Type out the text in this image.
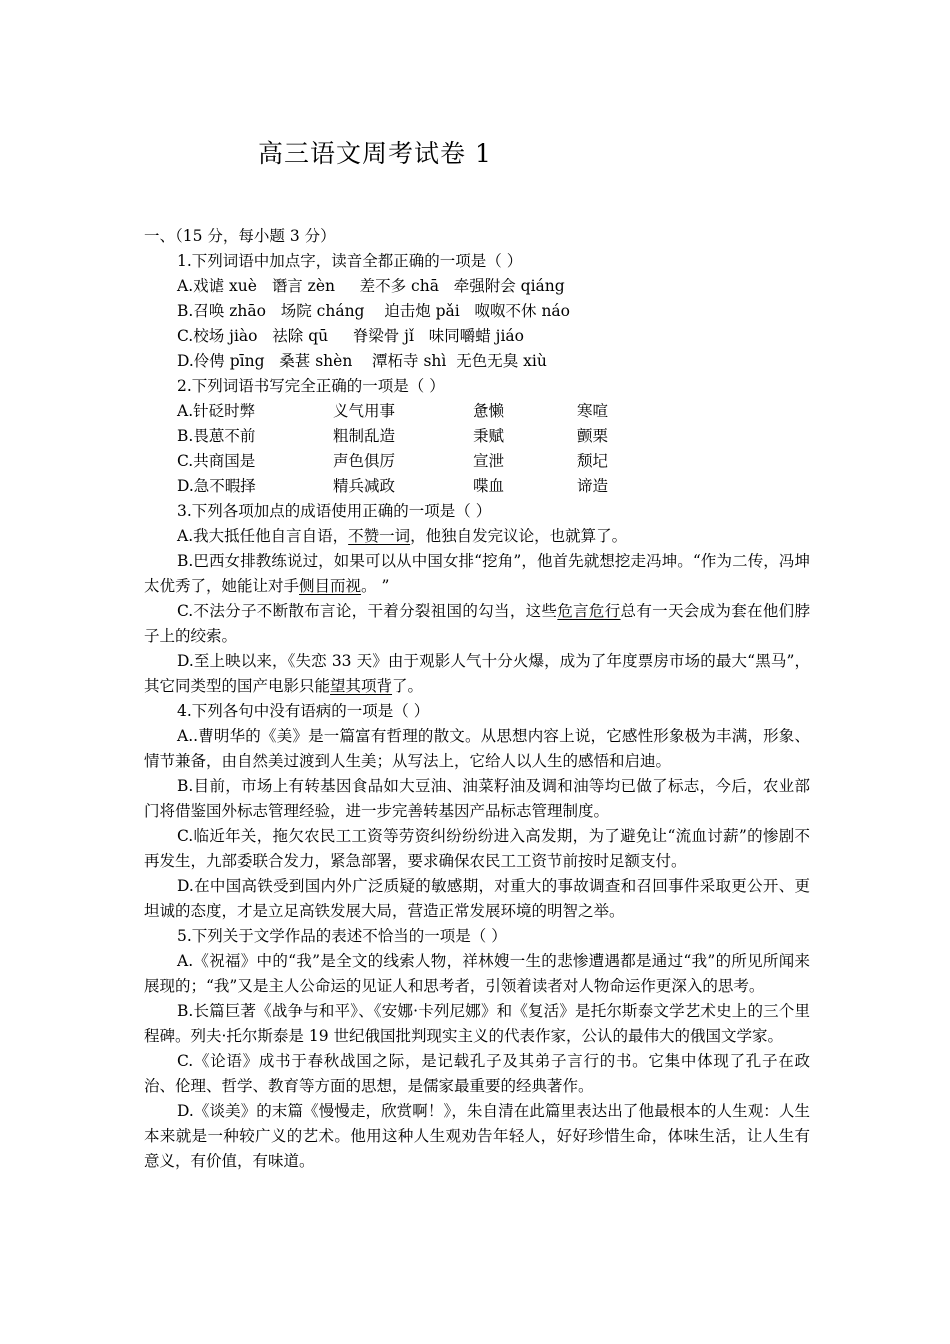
高三语文周考试卷 1
一、（15 分，每小题 3 分）
1.下列词语中加点字，读音全都正确的一项是（ ）
A.戏谑 xuè   谮言 zèn     差不多 chā   牵强附会 qiáng
B.召唤 zhāo   场院 cháng    迫击炮 pǎi   呶呶不休 náo
C.校场 jiào   祛除 qū     脊梁骨 jǐ   味同嚼蜡 jiáo
D.伶俜 pīng   桑葚 shèn    潭柘寺 shì  无色无臭 xiù
2.下列词语书写完全正确的一项是（ ）
A.针砭时弊	义气用事	惫懒	寒喧
B.畏葸不前	粗制乱造	秉赋	颤栗
C.共商国是	声色俱厉	宣泄	颓圮
D.急不暇择	精兵减政	喋血	谛造
3.下列各项加点的成语使用正确的一项是（ ）
A.我大抵任他自言自语，不赞一词，他独自发完议论，也就算了。
B.巴西女排教练说过，如果可以从中国女排“挖角”，他首先就想挖走冯坤。“作为二传，冯坤太优秀了，她能让对手侧目而视。 ”
C.不法分子不断散布言论，干着分裂祖国的勾当，这些危言危行总有一天会成为套在他们脖子上的绞索。
D.至上映以来，《失恋 33 天》由于观影人气十分火爆，成为了年度票房市场的最大“黑马”，其它同类型的国产电影只能望其项背了。
4.下列各句中没有语病的一项是（ ）
A..曹明华的《美》是一篇富有哲理的散文。从思想内容上说，它感性形象极为丰满，形象、情节兼备，由自然美过渡到人生美；从写法上，它给人以人生的感悟和启迪。
B.目前，市场上有转基因食品如大豆油、油菜籽油及调和油等均已做了标志，今后，农业部门将借鉴国外标志管理经验，进一步完善转基因产品标志管理制度。
C.临近年关，拖欠农民工工资等劳资纠纷纷纷进入高发期，为了避免让“流血讨薪”的惨剧不再发生，九部委联合发力，紧急部署，要求确保农民工工资节前按时足额支付。
D.在中国高铁受到国内外广泛质疑的敏感期，对重大的事故调查和召回事件采取更公开、更坦诚的态度，才是立足高铁发展大局，营造正常发展环境的明智之举。
5.下列关于文学作品的表述不恰当的一项是（ ）
A.《祝福》中的“我”是全文的线索人物，祥林嫂一生的悲惨遭遇都是通过“我”的所见所闻来展现的；“我”又是主人公命运的见证人和思考者，引领着读者对人物命运作更深入的思考。
B.长篇巨著《战争与和平》、《安娜·卡列尼娜》和《复活》是托尔斯泰文学艺术史上的三个里程碑。列夫·托尔斯泰是 19 世纪俄国批判现实主义的代表作家，公认的最伟大的俄国文学家。
C.《论语》成书于春秋战国之际，是记载孔子及其弟子言行的书。它集中体现了孔子在政治、伦理、哲学、教育等方面的思想，是儒家最重要的经典著作。
D.《谈美》的末篇《慢慢走，欣赏啊！》，朱自清在此篇里表达出了他最根本的人生观：人生本来就是一种较广义的艺术。他用这种人生观劝告年轻人，好好珍惜生命，体味生活，让人生有意义，有价值，有味道。
